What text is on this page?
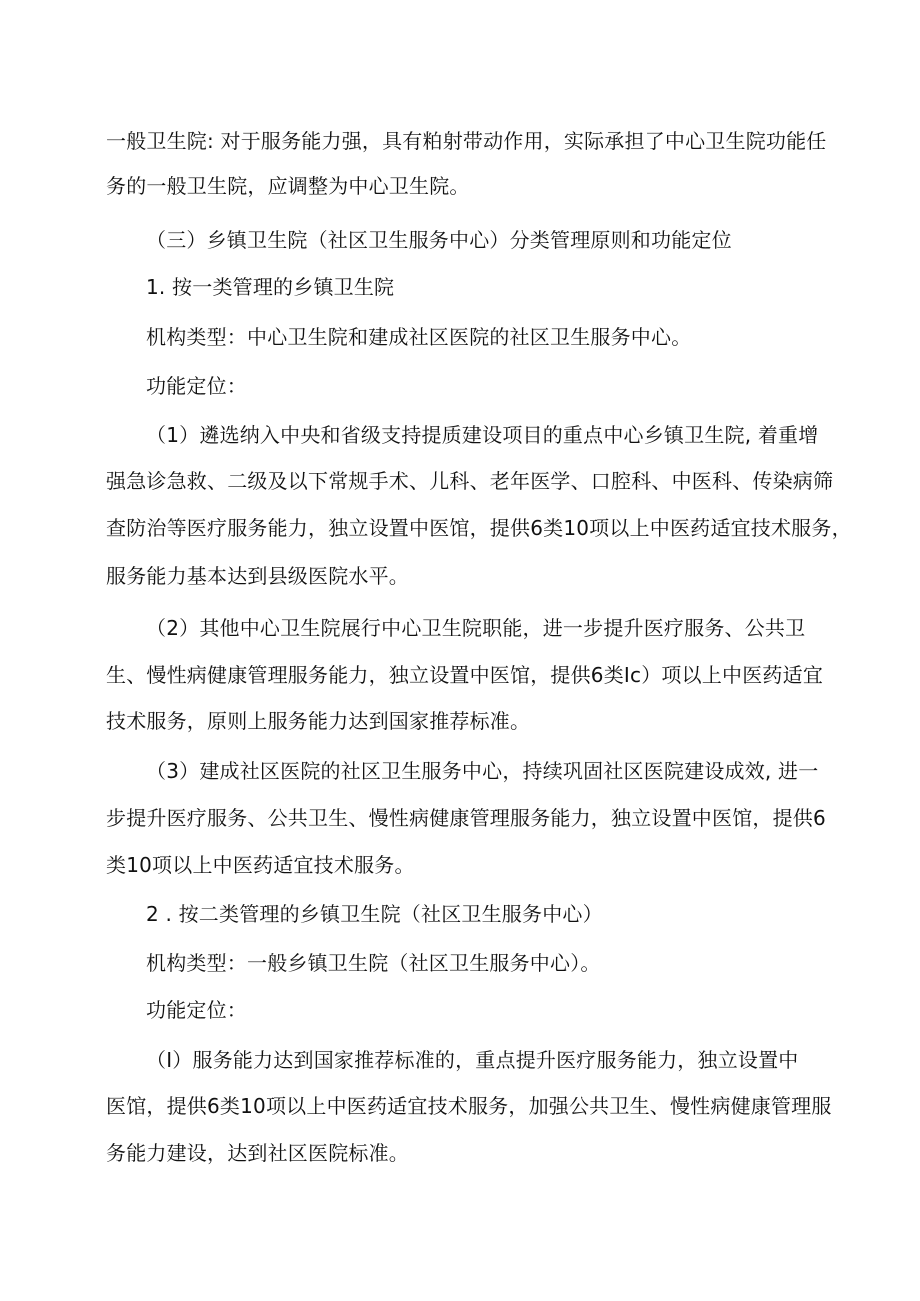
一般卫生院: 对于服务能力强，具有粕射带动作用，实际承担了中心卫生院功能任
务的一般卫生院，应调整为中心卫生院。
（三）乡镇卫生院（社区卫生服务中心）分类管理原则和功能定位
1. 按一类管理的乡镇卫生院
机构类型：中心卫生院和建成社区医院的社区卫生服务中心。
功能定位：
（1）遴选纳入中央和省级支持提质建设项目的重点中心乡镇卫生院, 着重增
强急诊急救、二级及以下常规手术、儿科、老年医学、口腔科、中医科、传染病筛
查防治等医疗服务能力，独立设置中医馆，提供6类10项以上中医药适宜技术服务，
服务能力基本达到县级医院水平。
（2）其他中心卫生院展行中心卫生院职能，进一步提升医疗服务、公共卫
生、慢性病健康管理服务能力，独立设置中医馆，提供6类Ic）项以上中医药适宜
技术服务，原则上服务能力达到国家推荐标准。
（3）建成社区医院的社区卫生服务中心，持续巩固社区医院建设成效, 进一
步提升医疗服务、公共卫生、慢性病健康管理服务能力，独立设置中医馆，提供6
类10项以上中医药适宜技术服务。
2 . 按二类管理的乡镇卫生院（社区卫生服务中心）
机构类型：一般乡镇卫生院（社区卫生服务中心）。
功能定位：
（I）服务能力达到国家推荐标准的，重点提升医疗服务能力，独立设置中
医馆，提供6类10项以上中医药适宜技术服务，加强公共卫生、慢性病健康管理服
务能力建设，达到社区医院标准。
